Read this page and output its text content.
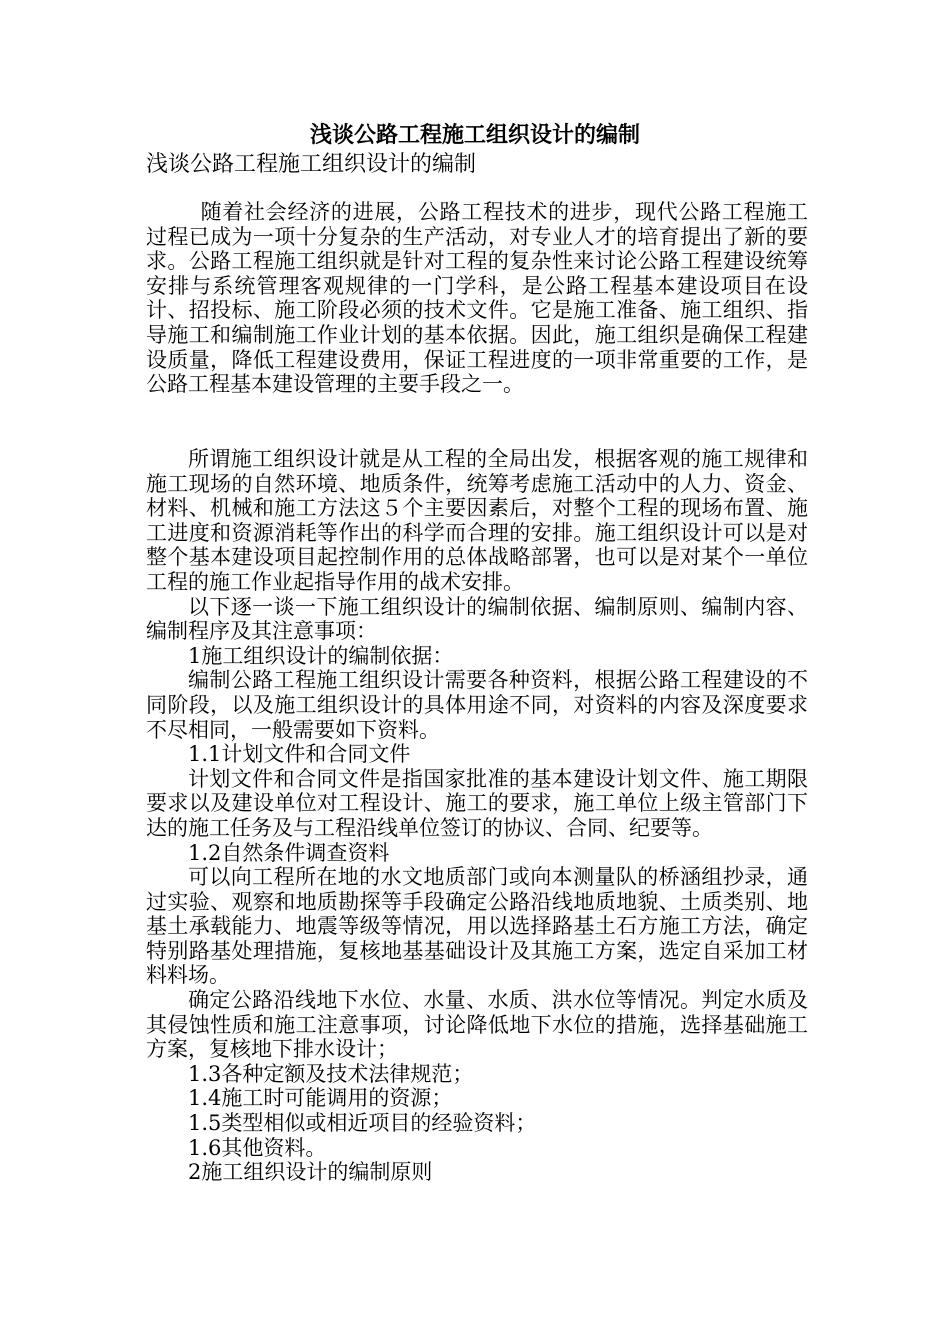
浅谈公路工程施工组织设计的编制
浅谈公路工程施工组织设计的编制

随着社会经济的进展，公路工程技术的进步，现代公路工程施工过程已成为一项十分复杂的生产活动，对专业人才的培育提出了新的要求。公路工程施工组织就是针对工程的复杂性来讨论公路工程建设统筹安排与系统管理客观规律的一门学科，是公路工程基本建设项目在设计、招投标、施工阶段必须的技术文件。它是施工准备、施工组织、指导施工和编制施工作业计划的基本依据。因此，施工组织是确保工程建设质量，降低工程建设费用，保证工程进度的一项非常重要的工作，是公路工程基本建设管理的主要手段之一。

所谓施工组织设计就是从工程的全局出发，根据客观的施工规律和施工现场的自然环境、地质条件，统筹考虑施工活动中的人力、资金、材料、机械和施工方法这５个主要因素后，对整个工程的现场布置、施工进度和资源消耗等作出的科学而合理的安排。施工组织设计可以是对整个基本建设项目起控制作用的总体战略部署，也可以是对某个一单位工程的施工作业起指导作用的战术安排。

以下逐一谈一下施工组织设计的编制依据、编制原则、编制内容、编制程序及其注意事项：

1施工组织设计的编制依据：

编制公路工程施工组织设计需要各种资料，根据公路工程建设的不同阶段，以及施工组织设计的具体用途不同，对资料的内容及深度要求不尽相同，一般需要如下资料。

1.1计划文件和合同文件

计划文件和合同文件是指国家批准的基本建设计划文件、施工期限要求以及建设单位对工程设计、施工的要求，施工单位上级主管部门下达的施工任务及与工程沿线单位签订的协议、合同、纪要等。

1.2自然条件调查资料

可以向工程所在地的水文地质部门或向本测量队的桥涵组抄录，通过实验、观察和地质勘探等手段确定公路沿线地质地貌、土质类别、地基土承载能力、地震等级等情况，用以选择路基土石方施工方法，确定特别路基处理措施，复核地基基础设计及其施工方案，选定自采加工材料料场。

确定公路沿线地下水位、水量、水质、洪水位等情况。判定水质及其侵蚀性质和施工注意事项，讨论降低地下水位的措施，选择基础施工方案，复核地下排水设计；

1.3各种定额及技术法律规范；

1.4施工时可能调用的资源；

1.5类型相似或相近项目的经验资料；

1.6其他资料。

2施工组织设计的编制原则
